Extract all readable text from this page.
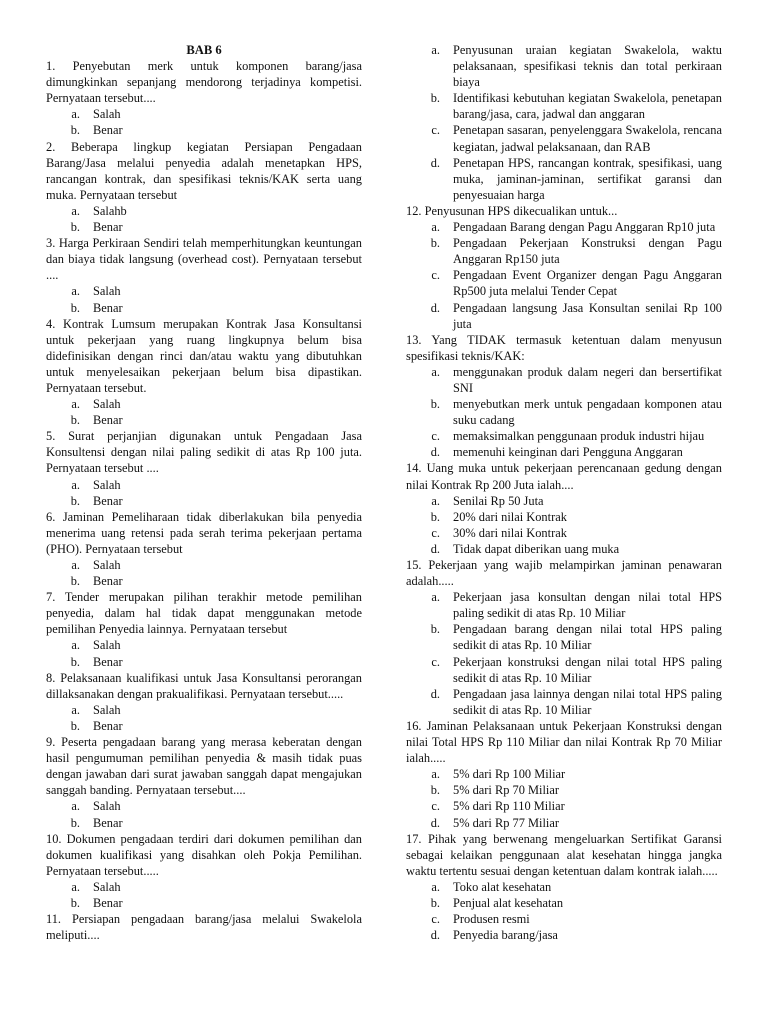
BAB 6

1. Penyebutan merk untuk komponen barang/jasa dimungkinkan sepanjang mendorong terjadinya kompetisi. Pernyataan tersebut....

a.	Salah
b.	Benar

2. Beberapa lingkup kegiatan Persiapan Pengadaan Barang/Jasa melalui penyedia adalah menetapkan HPS, rancangan kontrak, dan spesifikasi teknis/KAK serta uang muka. Pernyataan tersebut

a.	Salahb
b.	Benar

3. Harga Perkiraan Sendiri telah memperhitungkan keuntungan dan biaya tidak langsung (overhead cost). Pernyataan tersebut ....

a.	Salah
b.	Benar

4. Kontrak Lumsum merupakan Kontrak Jasa Konsultansi untuk pekerjaan yang ruang lingkupnya belum bisa didefinisikan dengan rinci dan/atau waktu yang dibutuhkan untuk menyelesaikan pekerjaan belum bisa dipastikan. Pernyataan tersebut.

a.	Salah
b.	Benar

5. Surat perjanjian digunakan untuk Pengadaan Jasa Konsultensi dengan nilai paling sedikit di atas Rp 100 juta. Pernyataan tersebut ....

a.	Salah
b.	Benar

6. Jaminan Pemeliharaan tidak diberlakukan bila penyedia menerima uang retensi pada serah terima pekerjaan pertama (PHO). Pernyataan tersebut

a.	Salah
b.	Benar

7. Tender merupakan pilihan terakhir metode pemilihan penyedia, dalam hal tidak dapat menggunakan metode pemilihan Penyedia lainnya. Pernyataan tersebut

a.	Salah
b.	Benar

8. Pelaksanaan kualifikasi untuk Jasa Konsultansi perorangan dillaksanakan dengan prakualifikasi. Pernyataan tersebut.....

a.	Salah
b.	Benar

9. Peserta pengadaan barang yang merasa keberatan dengan hasil pengumuman pemilihan penyedia & masih tidak puas dengan jawaban dari surat jawaban sanggah dapat mengajukan sanggah banding. Pernyataan tersebut....

a.	Salah
b.	Benar

10. Dokumen pengadaan terdiri dari dokumen pemilihan dan dokumen kualifikasi yang disahkan oleh Pokja Pemilihan. Pernyataan tersebut.....

a.	Salah
b.	Benar

11. Persiapan pengadaan barang/jasa melalui Swakelola meliputi....

a.	Penyusunan uraian kegiatan Swakelola, waktu pelaksanaan, spesifikasi teknis dan total perkiraan biaya
b.	Identifikasi kebutuhan kegiatan Swakelola, penetapan barang/jasa, cara, jadwal dan anggaran
c.	Penetapan sasaran, penyelenggara Swakelola, rencana kegiatan, jadwal pelaksanaan, dan RAB
d.	Penetapan HPS, rancangan kontrak, spesifikasi, uang muka, jaminan-jaminan, sertifikat garansi dan penyesuaian harga

12. Penyusunan HPS dikecualikan untuk...

a.	Pengadaan Barang dengan Pagu Anggaran Rp10 juta
b.	Pengadaan Pekerjaan Konstruksi dengan Pagu Anggaran Rp150 juta
c.	Pengadaan Event Organizer dengan Pagu Anggaran Rp500 juta melalui Tender Cepat
d.	Pengadaan langsung Jasa Konsultan senilai Rp 100 juta

13. Yang TIDAK termasuk ketentuan dalam menyusun spesifikasi teknis/KAK:

a.	menggunakan produk dalam negeri dan bersertifikat SNI
b.	menyebutkan merk untuk pengadaan komponen atau suku cadang
c.	memaksimalkan penggunaan produk industri hijau
d.	memenuhi keinginan dari Pengguna Anggaran

14. Uang muka untuk pekerjaan perencanaan gedung dengan nilai Kontrak Rp 200 Juta ialah....

a.	Senilai Rp 50 Juta
b.	20% dari nilai Kontrak
c.	30% dari nilai Kontrak
d.	Tidak dapat diberikan uang muka

15. Pekerjaan yang wajib melampirkan jaminan penawaran adalah.....

a.	Pekerjaan jasa konsultan dengan nilai total HPS paling sedikit di atas Rp. 10 Miliar
b.	Pengadaan barang dengan nilai total HPS paling sedikit di atas Rp. 10 Miliar
c.	Pekerjaan konstruksi dengan nilai total HPS paling sedikit di atas Rp. 10 Miliar
d.	Pengadaan jasa lainnya dengan nilai total HPS paling sedikit di atas Rp. 10 Miliar

16. Jaminan Pelaksanaan untuk Pekerjaan Konstruksi dengan nilai Total HPS Rp 110 Miliar dan nilai Kontrak Rp 70 Miliar ialah.....

a.	5% dari Rp 100 Miliar
b.	5% dari Rp 70 Miliar
c.	5% dari Rp 110 Miliar
d.	5% dari Rp 77 Miliar

17. Pihak yang berwenang mengeluarkan Sertifikat Garansi sebagai kelaikan penggunaan alat kesehatan hingga jangka waktu tertentu sesuai dengan ketentuan dalam kontrak ialah.....

a.	Toko alat kesehatan
b.	Penjual alat kesehatan
c.	Produsen resmi
d.	Penyedia barang/jasa
